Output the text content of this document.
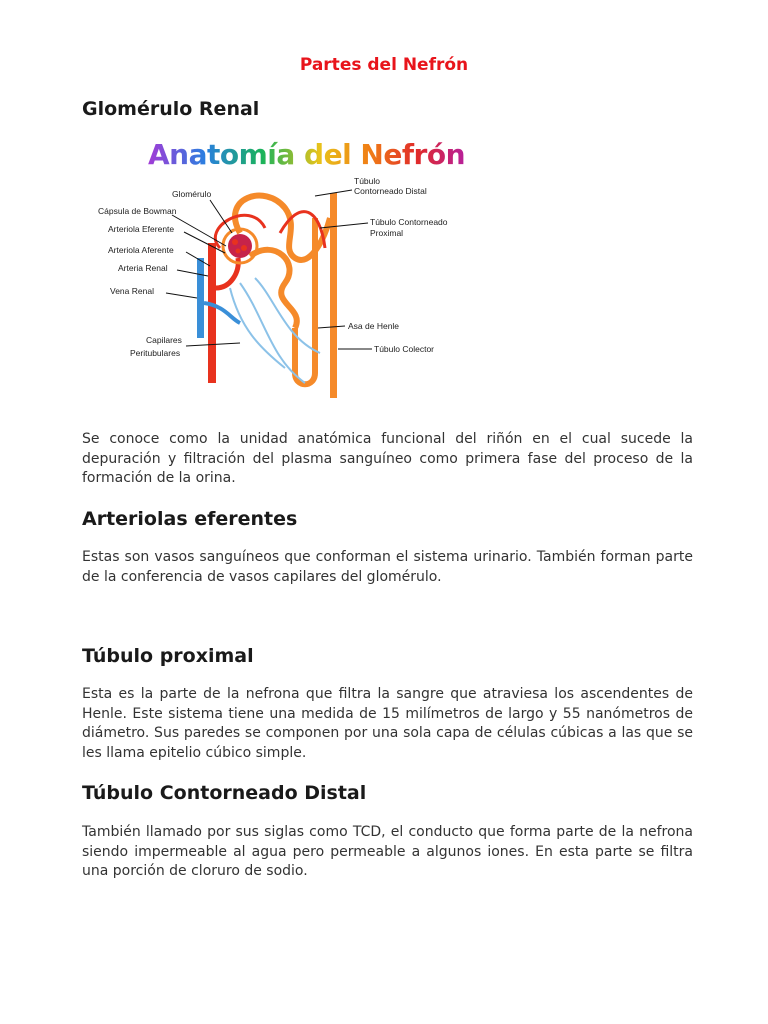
Partes del Nefrón
Glomérulo Renal
Anatomía del Nefrón
Glomérulo
Cápsula de Bowman
Arteriola Eferente
Arteriola Aferente
Arteria Renal
Vena Renal
Capilares
Peritubulares
Túbulo
Contorneado Distal
Túbulo Contorneado
Proximal
Asa de Henle
Túbulo Colector
Se conoce como la unidad anatómica funcional del riñón en el cual sucede la depuración y filtración del plasma sanguíneo como primera fase del proceso de la formación de la orina.
Arteriolas eferentes
Estas son vasos sanguíneos que conforman el sistema urinario. También forman parte de la conferencia de vasos capilares del glomérulo.
Túbulo proximal
Esta es la parte de la nefrona que filtra la sangre que atraviesa los ascendentes de Henle. Este sistema tiene una medida de 15 milímetros de largo y 55 nanómetros de diámetro. Sus paredes se componen por una sola capa de células cúbicas a las que se les llama epitelio cúbico simple.
Túbulo Contorneado Distal
También llamado por sus siglas como TCD, el conducto que forma parte de la nefrona siendo impermeable al agua pero permeable a algunos iones. En esta parte se filtra una porción de cloruro de sodio.
